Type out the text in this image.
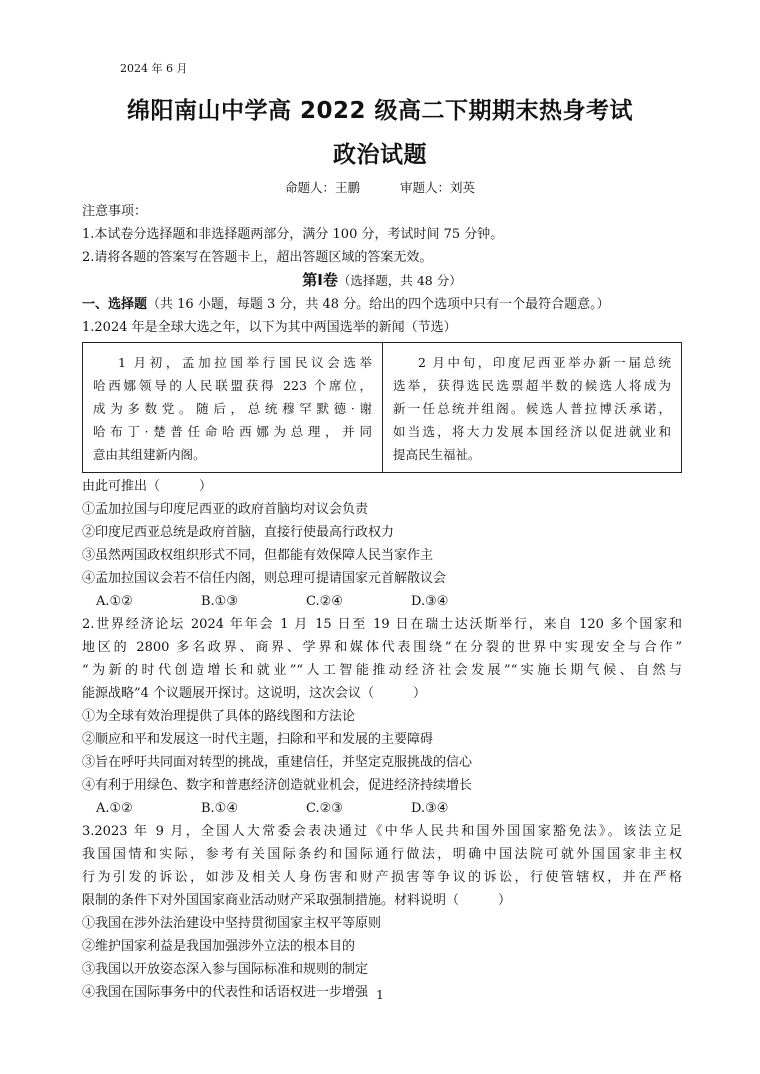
2024 年 6 月
绵阳南山中学高 2022 级高二下期期末热身考试
政治试题
命题人：王鹏	审题人：刘英
注意事项：
1.本试卷分选择题和非选择题两部分，满分 100 分，考试时间 75 分钟。
2.请将各题的答案写在答题卡上，超出答题区域的答案无效。
第Ⅰ卷（选择题，共 48 分）
一、选择题（共 16 小题，每题 3 分，共 48 分。给出的四个选项中只有一个最符合题意。）
1.2024 年是全球大选之年，以下为其中两国选举的新闻（节选）
1 月初，孟加拉国举行国民议会选举
哈西娜领导的人民联盟获得 223 个席位，
成为多数党。随后，总统穆罕默德·谢
哈布丁·楚普任命哈西娜为总理，并同
意由其组建新内阁。
2 月中旬，印度尼西亚举办新一届总统
选举，获得选民选票超半数的候选人将成为
新一任总统并组阁。候选人普拉博沃承诺，
如当选，将大力发展本国经济以促进就业和
提高民生福祉。
由此可推出（　　　）
①孟加拉国与印度尼西亚的政府首脑均对议会负责
②印度尼西亚总统是政府首脑，直接行使最高行政权力
③虽然两国政权组织形式不同，但都能有效保障人民当家作主
④孟加拉国议会若不信任内阁，则总理可提请国家元首解散议会
A.①②	B.①③	C.②④	D.③④
2.世界经济论坛 2024 年年会 1 月 15 日至 19 日在瑞士达沃斯举行，来自 120 多个国家和
地区的 2800 多名政界、商界、学界和媒体代表围绕“在分裂的世界中实现安全与合作”
“为新的时代创造增长和就业”“人工智能推动经济社会发展”“实施长期气候、自然与
能源战略”4 个议题展开探讨。这说明，这次会议（　　　）
①为全球有效治理提供了具体的路线图和方法论
②顺应和平和发展这一时代主题，扫除和平和发展的主要障碍
③旨在呼吁共同面对转型的挑战，重建信任，并坚定克服挑战的信心
④有利于用绿色、数字和普惠经济创造就业机会，促进经济持续增长
A.①②	B.①④	C.②③	D.③④
3.2023 年 9 月，全国人大常委会表决通过《中华人民共和国外国国家豁免法》。该法立足
我国国情和实际，参考有关国际条约和国际通行做法，明确中国法院可就外国国家非主权
行为引发的诉讼，如涉及相关人身伤害和财产损害等争议的诉讼，行使管辖权，并在严格
限制的条件下对外国国家商业活动财产采取强制措施。材料说明（　　　）
①我国在涉外法治建设中坚持贯彻国家主权平等原则
②维护国家利益是我国加强涉外立法的根本目的
③我国以开放姿态深入参与国际标准和规则的制定
④我国在国际事务中的代表性和话语权进一步增强 1
